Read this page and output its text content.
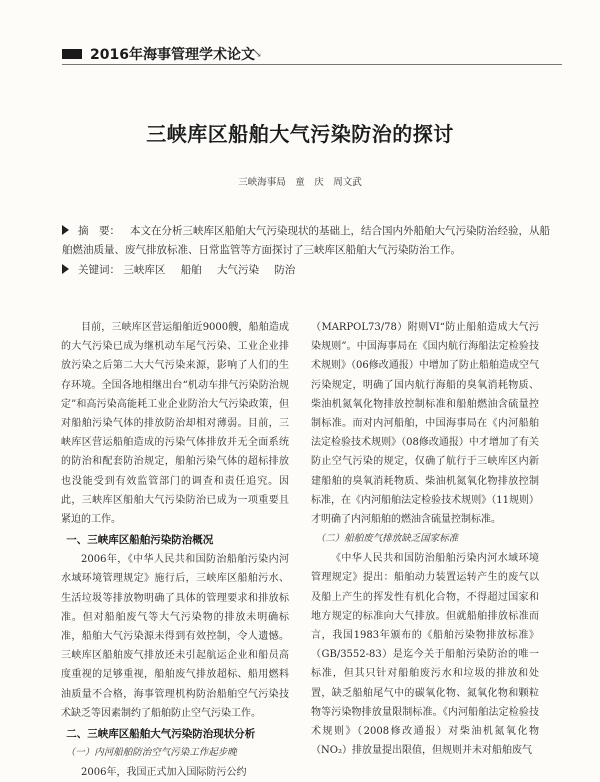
2016年海事管理学术论文
↘
三峡库区船舶大气污染防治的探讨
三峡海事局　童　庆　周文武
摘　要： 本文在分析三峡库区船舶大气污染现状的基础上，结合国内外船舶大气污染防治经验，从船舶燃油质量、废气排放标准、日常监管等方面探讨了三峡库区船舶大气污染防治工作。
关键词： 三峡库区 船舶 大气污染 防治

目前，三峡库区营运船舶近9000艘，船舶造成的大气污染已成为继机动车尾气污染、工业企业排放污染之后第二大大气污染来源，影响了人们的生存环境。全国各地相继出台“机动车排气污染防治规定”和高污染高能耗工业企业防治大气污染政策，但对船舶污染气体的排放防治却相对薄弱。目前，三峡库区营运船舶造成的污染气体排放并无全面系统的防治和配套防治规定，船舶污染气体的超标排放也没能受到有效监管部门的调查和责任追究。因此，三峡库区船舶大气污染防治已成为一项重要且紧迫的工作。

一、三峡库区船舶污染防治概况

2006年，《中华人民共和国防治船舶污染内河水域环境管理规定》施行后，三峡库区船舶污水、生活垃圾等排放物明确了具体的管理要求和排放标准。但对船舶废气等大气污染物的排放未明确标准，船舶大气污染源未得到有效控制，令人遗憾。三峡库区船舶废气排放还未引起航运企业和船员高度重视的足够重视，船舶废气排放超标、船用燃料油质量不合格，海事管理机构防治船舶空气污染技术缺乏等因素制约了船舶防止空气污染工作。

二、三峡库区船舶大气污染防治现状分析
（一）内河船舶防治空气污染工作起步晚

2006年，我国正式加入国际防污公约

（MARPOL73/78）附则VI“防止船舶造成大气污染规则”。中国海事局在《国内航行海船法定检验技术规则》（06修改通报）中增加了防止船舶造成空气污染规定，明确了国内航行海船的臭氧消耗物质、柴油机氮氧化物排放控制标准和船舶燃油含硫量控制标准。而对内河船舶，中国海事局在《内河船舶法定检验技术规则》（08修改通报）中才增加了有关防止空气污染的规定，仅确了航行于三峡库区内新建船舶的臭氧消耗物质、柴油机氮氧化物排放控制标准，在《内河船舶法定检验技术规则》（11规则）才明确了内河船舶的燃油含硫量控制标准。

（二）船舶废气排放缺乏国家标准

《中华人民共和国防治船舶污染内河水域环境管理规定》提出：船舶动力装置运转产生的废气以及船上产生的挥发性有机化合物，不得超过国家和地方规定的标准向大气排放。但就船舶排放标准而言，我国1983年颁布的《船舶污染物排放标准》（GB/3552-83）是迄今关于船舶污染防治的唯一标准，但其只针对船舶废污水和垃圾的排放和处置，缺乏船舶尾气中的碳氧化物、氮氧化物和颗粒物等污染物排放量限制标准。《内河船舶法定检验技术规则》（2008修改通报）对柴油机氮氧化物（NO₂）排放量提出限值，但规则并未对船舶废气
